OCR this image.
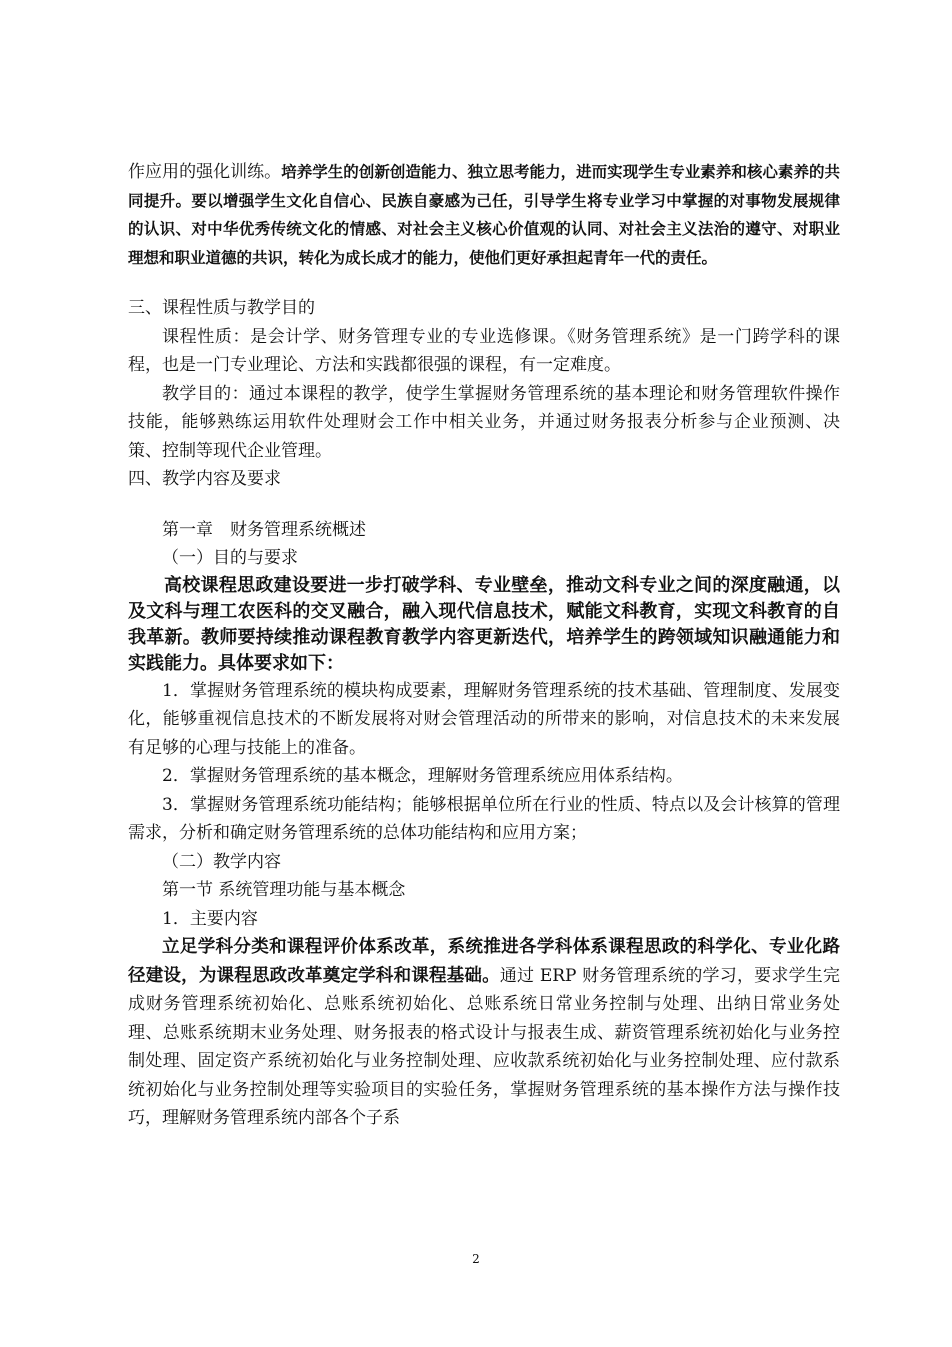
作应用的强化训练。培养学生的创新创造能力、独立思考能力，进而实现学生专业素养和核心素养的共同提升。要以增强学生文化自信心、民族自豪感为己任，引导学生将专业学习中掌握的对事物发展规律的认识、对中华优秀传统文化的情感、对社会主义核心价值观的认同、对社会主义法治的遵守、对职业理想和职业道德的共识，转化为成长成才的能力，使他们更好承担起青年一代的责任。

三、课程性质与教学目的

课程性质：是会计学、财务管理专业的专业选修课。《财务管理系统》是一门跨学科的课程，也是一门专业理论、方法和实践都很强的课程，有一定难度。

教学目的：通过本课程的教学，使学生掌握财务管理系统的基本理论和财务管理软件操作技能，能够熟练运用软件处理财会工作中相关业务，并通过财务报表分析参与企业预测、决策、控制等现代企业管理。

四、教学内容及要求

第一章　财务管理系统概述

（一）目的与要求

高校课程思政建设要进一步打破学科、专业壁垒，推动文科专业之间的深度融通，以及文科与理工农医科的交叉融合，融入现代信息技术，赋能文科教育，实现文科教育的自我革新。教师要持续推动课程教育教学内容更新迭代，培养学生的跨领域知识融通能力和实践能力。具体要求如下：

1．掌握财务管理系统的模块构成要素，理解财务管理系统的技术基础、管理制度、发展变化，能够重视信息技术的不断发展将对财会管理活动的所带来的影响，对信息技术的未来发展有足够的心理与技能上的准备。

2．掌握财务管理系统的基本概念，理解财务管理系统应用体系结构。

3．掌握财务管理系统功能结构；能够根据单位所在行业的性质、特点以及会计核算的管理需求，分析和确定财务管理系统的总体功能结构和应用方案；

（二）教学内容

第一节 系统管理功能与基本概念

1．主要内容

立足学科分类和课程评价体系改革，系统推进各学科体系课程思政的科学化、专业化路径建设，为课程思政改革奠定学科和课程基础。通过 ERP 财务管理系统的学习，要求学生完成财务管理系统初始化、总账系统初始化、总账系统日常业务控制与处理、出纳日常业务处理、总账系统期末业务处理、财务报表的格式设计与报表生成、薪资管理系统初始化与业务控制处理、固定资产系统初始化与业务控制处理、应收款系统初始化与业务控制处理、应付款系统初始化与业务控制处理等实验项目的实验任务，掌握财务管理系统的基本操作方法与操作技巧，理解财务管理系统内部各个子系

2
